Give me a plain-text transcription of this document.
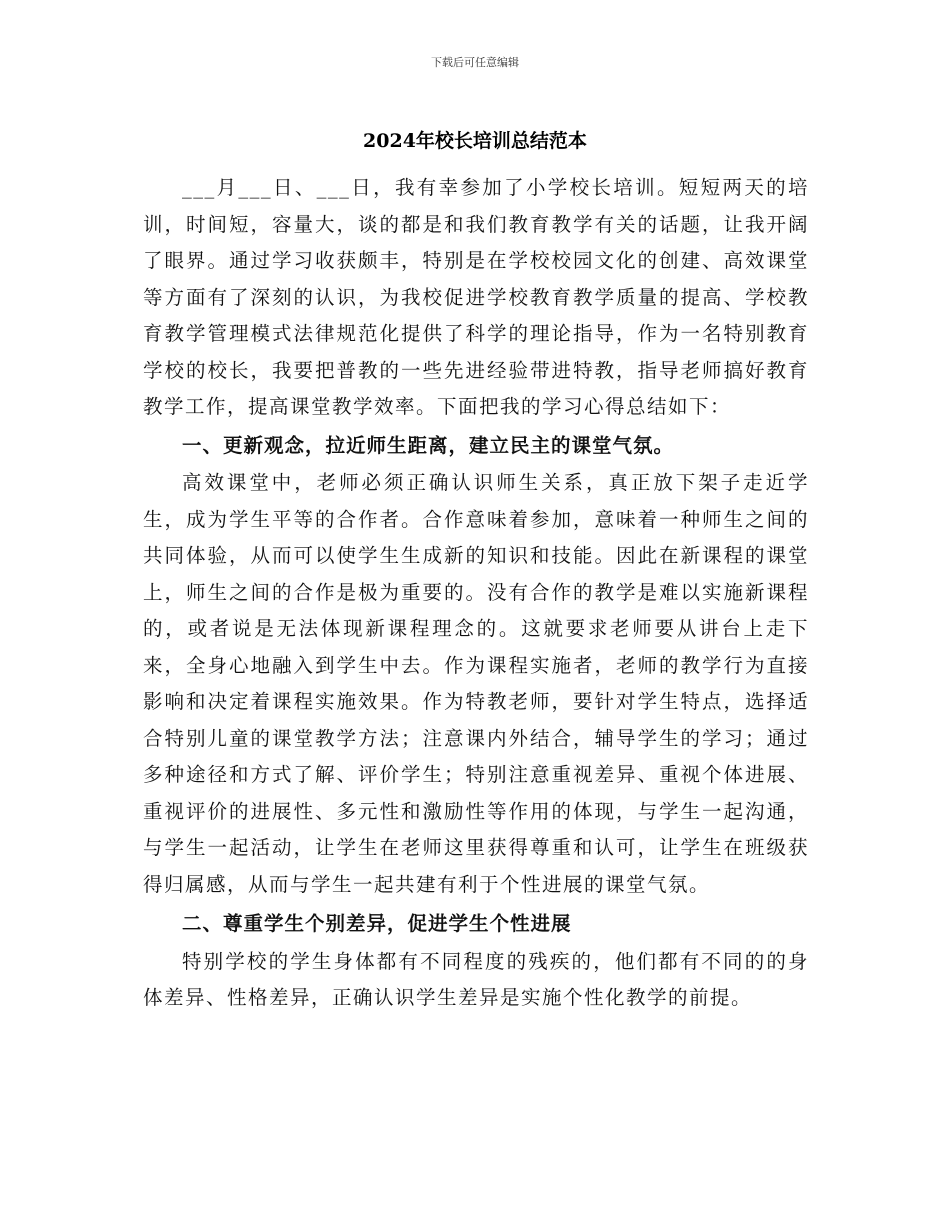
下载后可任意编辑
2024年校长培训总结范本

___月___日、___日，我有幸参加了小学校长培训。短短两天的培训，时间短，容量大，谈的都是和我们教育教学有关的话题，让我开阔了眼界。通过学习收获颇丰，特别是在学校校园文化的创建、高效课堂等方面有了深刻的认识，为我校促进学校教育教学质量的提高、学校教育教学管理模式法律规范化提供了科学的理论指导，作为一名特别教育学校的校长，我要把普教的一些先进经验带进特教，指导老师搞好教育教学工作，提高课堂教学效率。下面把我的学习心得总结如下：

一、更新观念，拉近师生距离，建立民主的课堂气氛。

高效课堂中，老师必须正确认识师生关系，真正放下架子走近学生，成为学生平等的合作者。合作意味着参加，意味着一种师生之间的共同体验，从而可以使学生生成新的知识和技能。因此在新课程的课堂上，师生之间的合作是极为重要的。没有合作的教学是难以实施新课程的，或者说是无法体现新课程理念的。这就要求老师要从讲台上走下来，全身心地融入到学生中去。作为课程实施者，老师的教学行为直接影响和决定着课程实施效果。作为特教老师，要针对学生特点，选择适合特别儿童的课堂教学方法；注意课内外结合，辅导学生的学习；通过多种途径和方式了解、评价学生；特别注意重视差异、重视个体进展、重视评价的进展性、多元性和激励性等作用的体现，与学生一起沟通，与学生一起活动，让学生在老师这里获得尊重和认可，让学生在班级获得归属感，从而与学生一起共建有利于个性进展的课堂气氛。

二、尊重学生个别差异，促进学生个性进展

特别学校的学生身体都有不同程度的残疾的，他们都有不同的的身体差异、性格差异，正确认识学生差异是实施个性化教学的前提。
